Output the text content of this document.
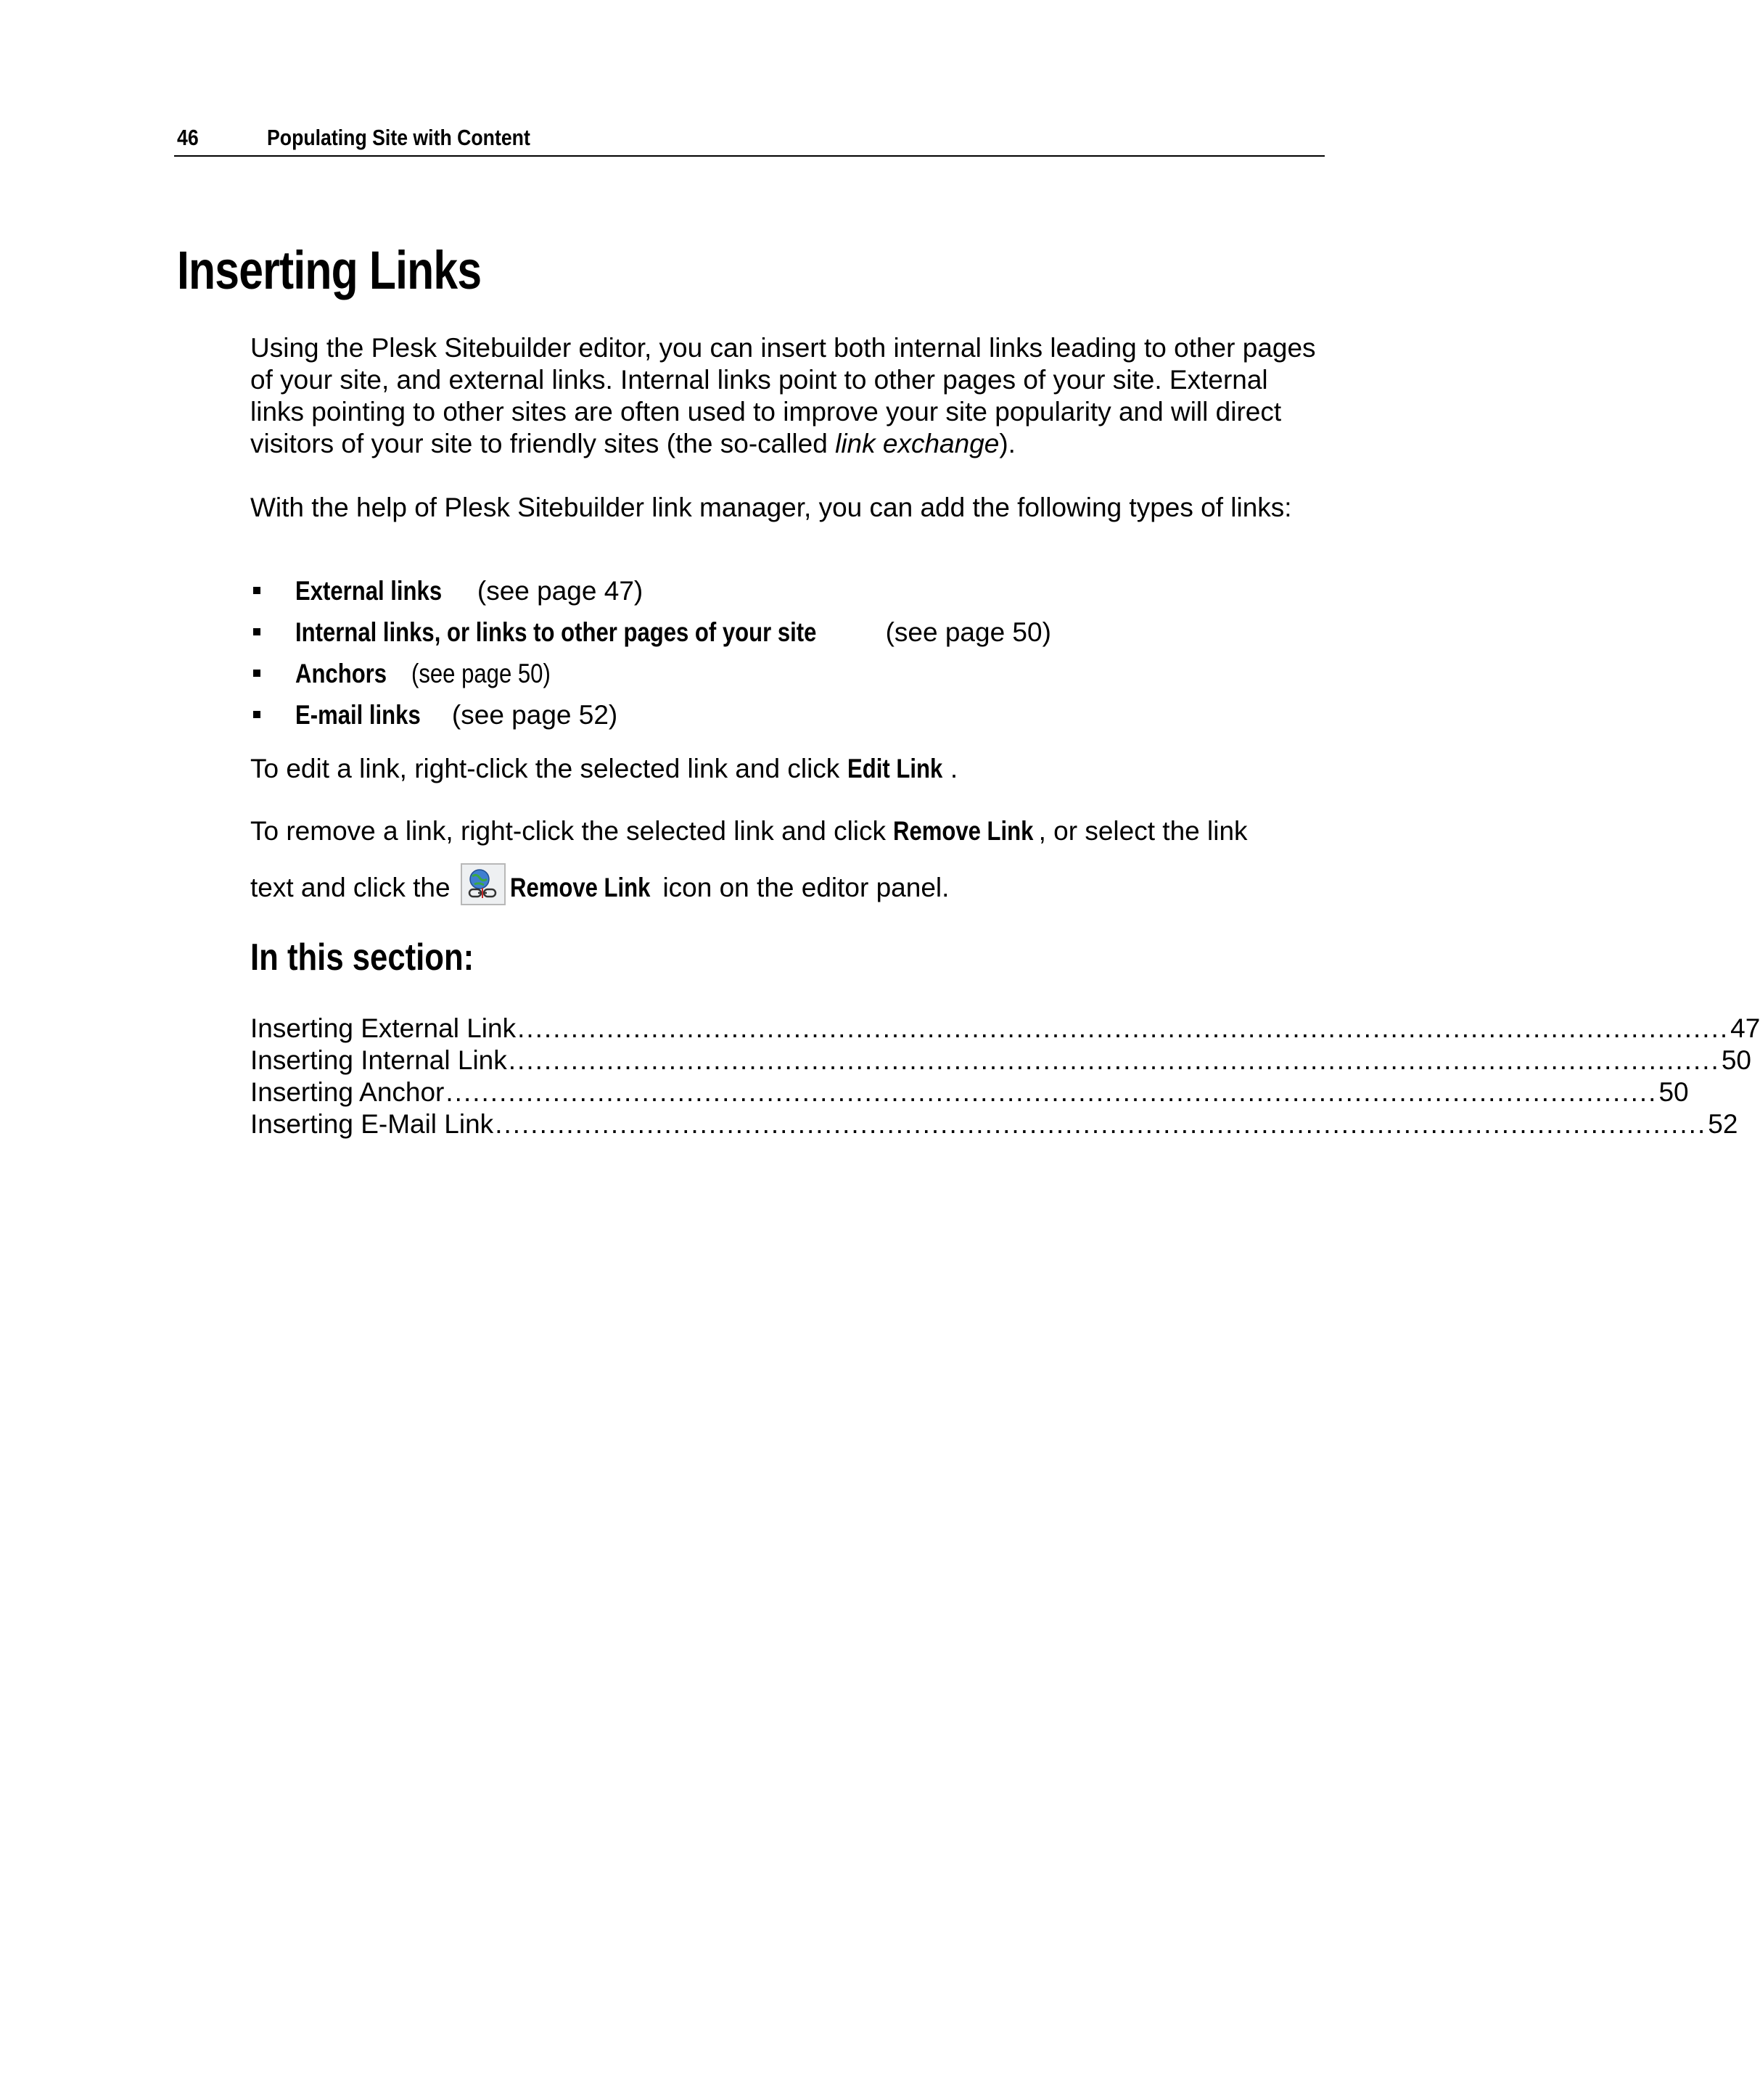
46	Populating Site with Content
Inserting Links

Using the Plesk Sitebuilder editor, you can insert both internal links leading to other pages of your site, and external links. Internal links point to other pages of your site. External links pointing to other sites are often used to improve your site popularity and will direct visitors of your site to friendly sites (the so-called link exchange).

With the help of Plesk Sitebuilder link manager, you can add the following types of links:

External links (see page 47)
Internal links, or links to other pages of your site	(see page 50)
Anchors (see page 50)
E-mail links (see page 52)

To edit a link, right-click the selected link and click Edit Link .

To remove a link, right-click the selected link and click Remove Link , or select the link
text and click the Remove Link icon on the editor panel.

In this section:
Inserting External Link ........................................................................................................................................ 47
Inserting Internal Link ........................................................................................................................................ 50
Inserting Anchor ........................................................................................................................................ 50
Inserting E-Mail Link ........................................................................................................................................ 52
